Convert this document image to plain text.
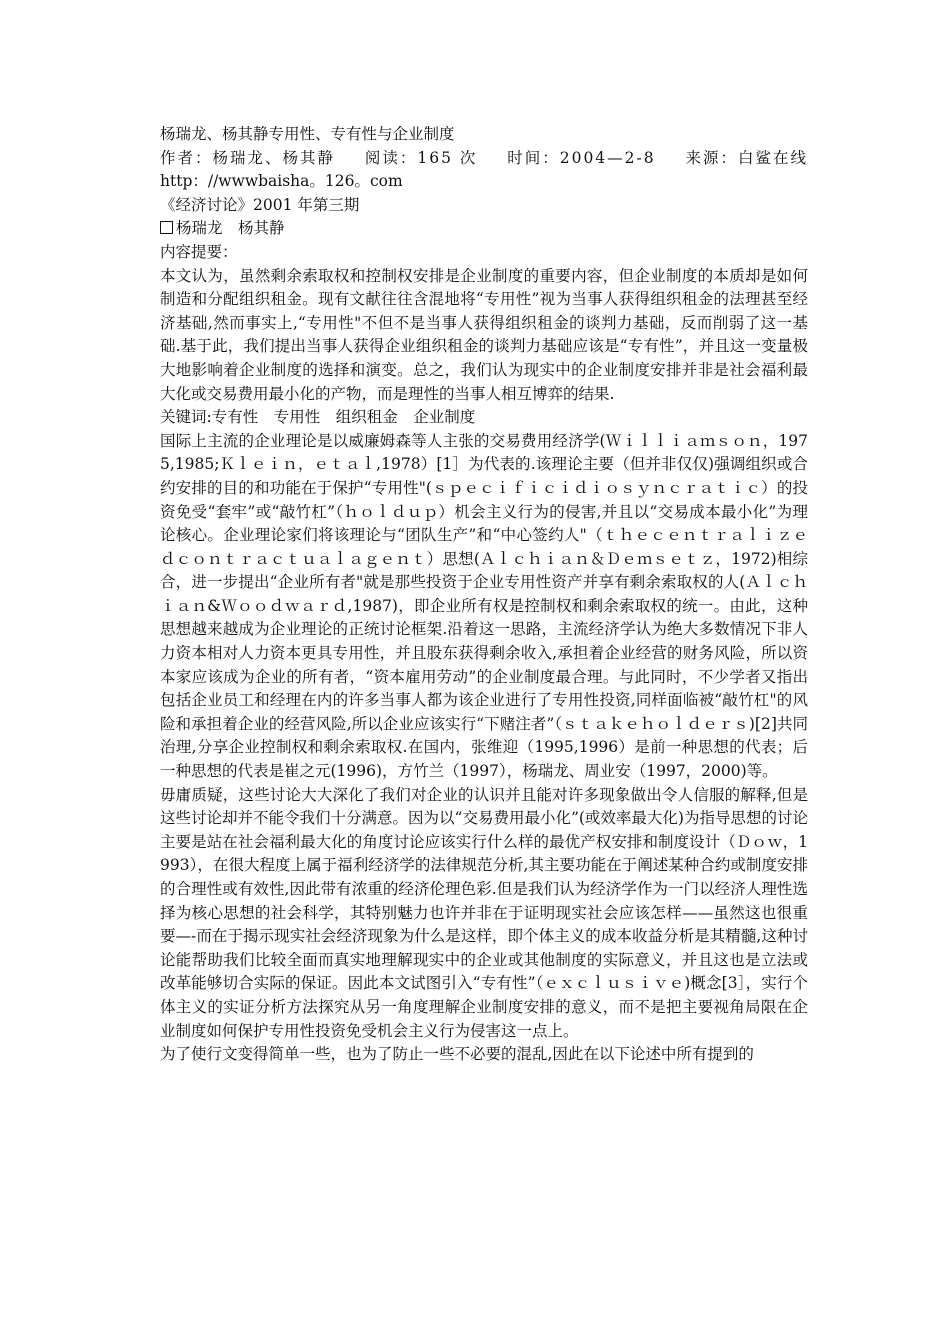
杨瑞龙、杨其静专用性、专有性与企业制度
作者：杨瑞龙、杨其静 阅读：165 次 时间：2004—2-8 来源：白鲨在线
http：//wwwbaisha。126。com
《经济讨论》2001 年第三期
杨瑞龙　杨其静
内容提要：

本文认为，虽然剩余索取权和控制权安排是企业制度的重要内容，但企业制度的本质却是如何制造和分配组织租金。现有文献往往含混地将“专用性”视为当事人获得组织租金的法理甚至经济基础,然而事实上,“专用性"不但不是当事人获得组织租金的谈判力基础，反而削弱了这一基础.基于此，我们提出当事人获得企业组织租金的谈判力基础应该是“专有性”，并且这一变量极大地影响着企业制度的选择和演变。总之，我们认为现实中的企业制度安排并非是社会福利最大化或交易费用最小化的产物，而是理性的当事人相互博弈的结果.

关键词:专有性　专用性　组织租金　企业制度

国际上主流的企业理论是以威廉姆森等人主张的交易费用经济学(Ｗｉｌｌｉａｍｓｏｎ，1975,1985;Ｋｌｅｉｎ，ｅｔａｌ,1978）[1］为代表的.该理论主要（但并非仅仅)强调组织或合约安排的目的和功能在于保护“专用性"(ｓｐｅｃｉｆｉｃｉｄｉｏｓｙｎｃｒａｔｉｃ）的投资免受“套牢”或“敲竹杠”（ｈｏｌｄｕｐ）机会主义行为的侵害,并且以“交易成本最小化”为理论核心。企业理论家们将该理论与“团队生产”和“中心签约人"（ｔｈｅｃｅｎｔｒａｌｉｚｅｄｃｏｎｔｒａｃｔｕａｌａｇｅｎｔ）思想(Ａｌｃｈｉａｎ＆Ｄｅｍｓｅｔｚ，1972)相综合，进一步提出“企业所有者"就是那些投资于企业专用性资产并享有剩余索取权的人(Ａｌｃｈｉａｎ&Ｗｏｏｄｗａｒｄ,1987)，即企业所有权是控制权和剩余索取权的统一。由此，这种思想越来越成为企业理论的正统讨论框架.沿着这一思路，主流经济学认为绝大多数情况下非人力资本相对人力资本更具专用性，并且股东获得剩余收入,承担着企业经营的财务风险，所以资本家应该成为企业的所有者，“资本雇用劳动”的企业制度最合理。与此同时，不少学者又指出包括企业员工和经理在内的许多当事人都为该企业进行了专用性投资,同样面临被“敲竹杠"的风险和承担着企业的经营风险,所以企业应该实行“下赌注者”（ｓｔａｋｅｈｏｌｄｅｒｓ)[2]共同治理,分享企业控制权和剩余索取权.在国内，张维迎（1995,1996）是前一种思想的代表；后一种思想的代表是崔之元(1996)，方竹兰（1997），杨瑞龙、周业安（1997，2000)等。

毋庸质疑，这些讨论大大深化了我们对企业的认识并且能对许多现象做出令人信服的解释,但是这些讨论却并不能令我们十分满意。因为以“交易费用最小化”(或效率最大化)为指导思想的讨论主要是站在社会福利最大化的角度讨论应该实行什么样的最优产权安排和制度设计（Ｄｏｗ，1993），在很大程度上属于福利经济学的法律规范分析,其主要功能在于阐述某种合约或制度安排的合理性或有效性,因此带有浓重的经济伦理色彩.但是我们认为经济学作为一门以经济人理性选择为核心思想的社会科学，其特别魅力也许并非在于证明现实社会应该怎样——虽然这也很重要—-而在于揭示现实社会经济现象为什么是这样，即个体主义的成本收益分析是其精髓,这种讨论能帮助我们比较全面而真实地理解现实中的企业或其他制度的实际意义，并且这也是立法或改革能够切合实际的保证。因此本文试图引入“专有性”（ｅｘｃｌｕｓｉｖｅ)概念[3］，实行个体主义的实证分析方法探究从另一角度理解企业制度安排的意义，而不是把主要视角局限在企业制度如何保护专用性投资免受机会主义行为侵害这一点上。

为了使行文变得简单一些，也为了防止一些不必要的混乱,因此在以下论述中所有提到的
